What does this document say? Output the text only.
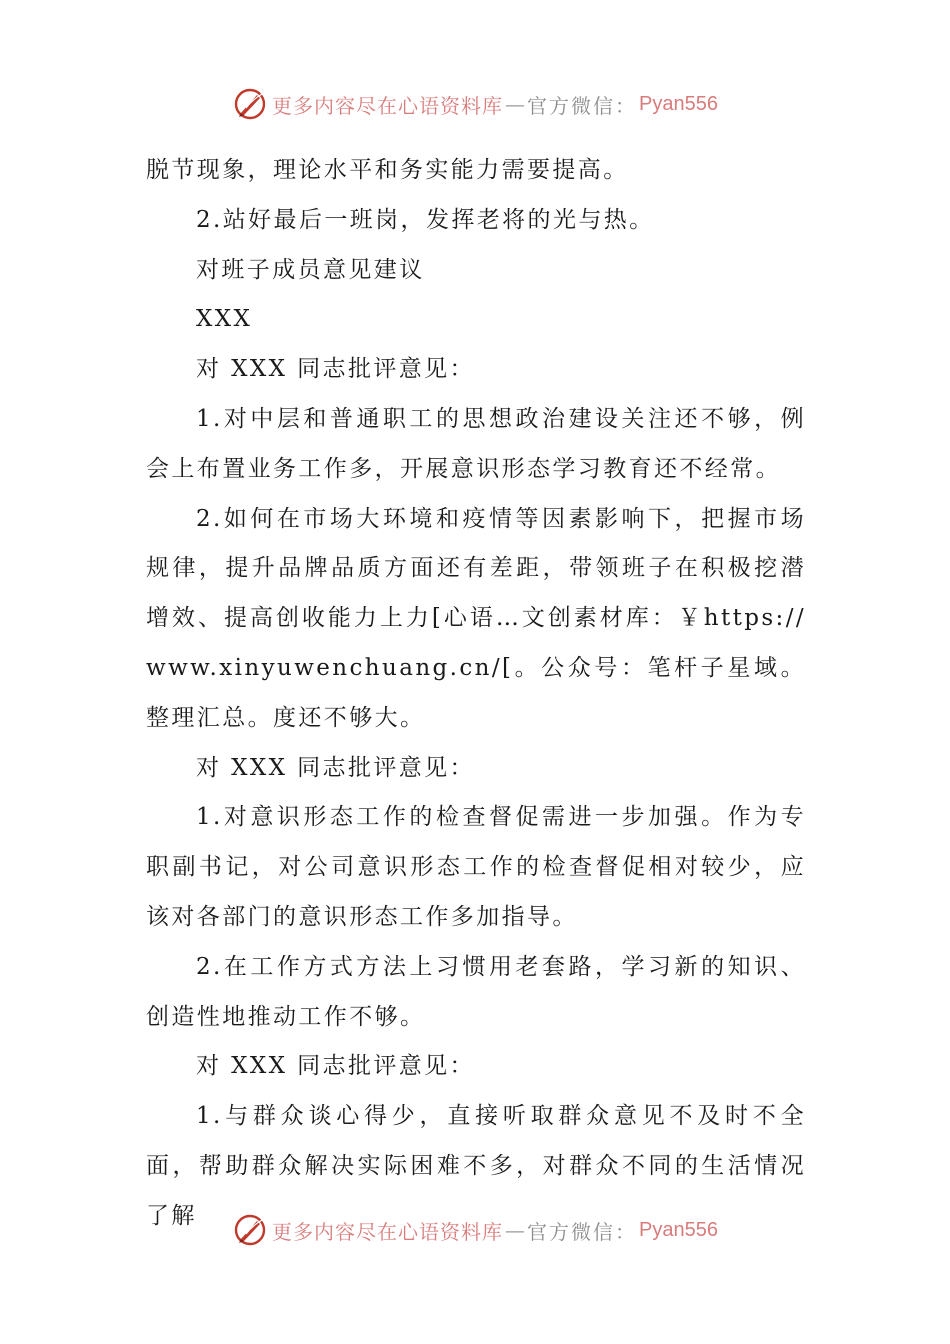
更多内容尽在心语资料库 — 官方微信： Pyan556

脱节现象，理论水平和务实能力需要提高。

2.站好最后一班岗，发挥老将的光与热。

对班子成员意见建议

XXX

对 XXX 同志批评意见：

1.对中层和普通职工的思想政治建设关注还不够，例会上布置业务工作多，开展意识形态学习教育还不经常。

2.如何在市场大环境和疫情等因素影响下，把握市场规律，提升品牌品质方面还有差距，带领班子在积极挖潜增效、提高创收能力上力[心语…文创素材库：￥https://www.xinyuwenchuang.cn/[。公众号：笔杆子星域。整理汇总。度还不够大。

对 XXX 同志批评意见：

1.对意识形态工作的检查督促需进一步加强。作为专职副书记，对公司意识形态工作的检查督促相对较少，应该对各部门的意识形态工作多加指导。

2.在工作方式方法上习惯用老套路，学习新的知识、创造性地推动工作不够。

对 XXX 同志批评意见：

1.与群众谈心得少，直接听取群众意见不及时不全面，帮助群众解决实际困难不多，对群众不同的生活情况了解

更多内容尽在心语资料库 — 官方微信： Pyan556
